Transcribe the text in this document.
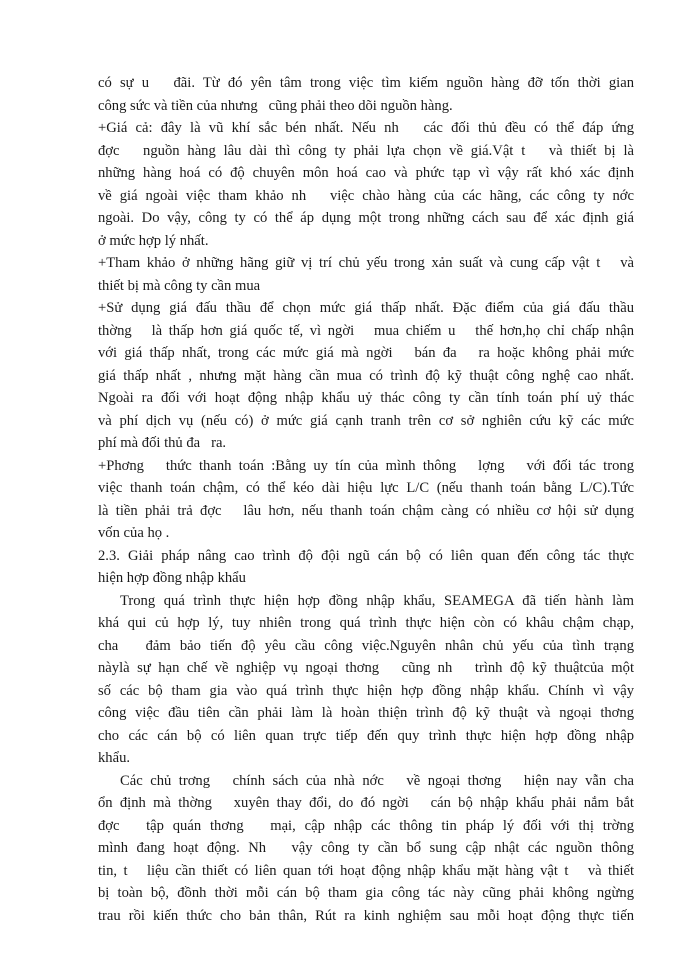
có sự u   đãi. Từ đó yên tâm trong việc tìm kiếm nguồn hàng đỡ tốn thời gian
công sức và tiền của nhưng   cũng phải theo dõi nguồn hàng.
+Giá cả: đây là vũ khí sắc bén nhất. Nếu nh   các đối thủ đều có thể đáp ứng
đợc   nguồn hàng lâu dài thì công ty phải lựa chọn về giá.Vật t   và thiết bị là
những hàng hoá có độ chuyên môn hoá cao và phức tạp vì vậy rất khó xác định
về giá ngoài việc tham khảo nh   việc chào hàng của các hãng, các công ty nớc
ngoài. Do vậy, công ty có thể áp dụng một trong những cách sau để xác định giá
ở mức hợp lý nhất.
+Tham khảo ở những hãng giữ vị trí chủ yếu trong xản suất và cung cấp vật t   và
thiết bị mà công ty cần mua
+Sử dụng giá đấu thầu để chọn mức giá thấp nhất. Đặc điểm của giá đấu thầu
thờng   là thấp hơn giá quốc tế, vì ngời   mua chiếm u   thế hơn,họ chỉ chấp nhận
với giá thấp nhất, trong các mức giá mà ngời   bán đa   ra hoặc không phải mức
giá thấp nhất , nhưng mặt hàng cần mua có trình độ kỹ thuật công nghệ cao nhất.
Ngoài ra đối với hoạt động nhập khẩu uỷ thác công ty cần tính toán phí uỷ thác
và phí dịch vụ (nếu có) ở mức giá cạnh tranh trên cơ sở nghiên cứu kỹ các mức
phí mà đối thủ đa   ra.
+Phơng   thức thanh toán :Bằng uy tín của mình thông   lợng   với đối tác trong
việc thanh toán chậm, có thể kéo dài hiệu lực L/C (nếu thanh toán bằng L/C).Tức
là tiền phải trả đợc   lâu hơn, nếu thanh toán chậm càng có nhiều cơ hội sử dụng
vốn của họ .
2.3. Giải pháp nâng cao trình độ đội ngũ cán bộ có liên quan đến công tác thực
hiện hợp đồng nhập khẩu
Trong quá trình thực hiện hợp đồng nhập khẩu, SEAMEGA đã tiến hành làm
khá qui củ hợp lý, tuy nhiên trong quá trình thực hiện còn có khâu chậm chạp,
cha   đảm bảo tiến độ yêu cầu công việc.Nguyên nhân chủ yếu của tình trạng
nàylà sự hạn chế về nghiệp vụ ngoại thơng   cũng nh   trình độ kỹ thuậtcủa một
số các bộ tham gia vào quá trình thực hiện hợp đồng nhập khẩu. Chính vì vậy
công việc đầu tiên cần phải làm là hoàn thiện trình độ kỹ thuật và ngoại thơng
cho các cán bộ có liên quan trực tiếp đến quy trình thực hiện hợp đồng nhập
khẩu.
Các chủ trơng   chính sách của nhà nớc   về ngoại thơng   hiện nay vẫn cha
ổn định mà thờng   xuyên thay đổi, do đó ngời   cán bộ nhập khẩu phải nắm bắt
đợc   tập quán thơng   mại, cập nhập các thông tin pháp lý đối với thị trờng
mình đang hoạt động. Nh   vậy công ty cần bổ sung cập nhật các nguồn thông
tin, t   liệu cần thiết có liên quan tới hoạt động nhập khẩu mặt hàng vật t   và thiết
bị toàn bộ, đồnh thời mỗi cán bộ tham gia công tác này cũng phải không ngừng
trau rồi kiến thức cho bản thân, Rút ra kinh nghiệm sau mỗi hoạt động thực tiến
